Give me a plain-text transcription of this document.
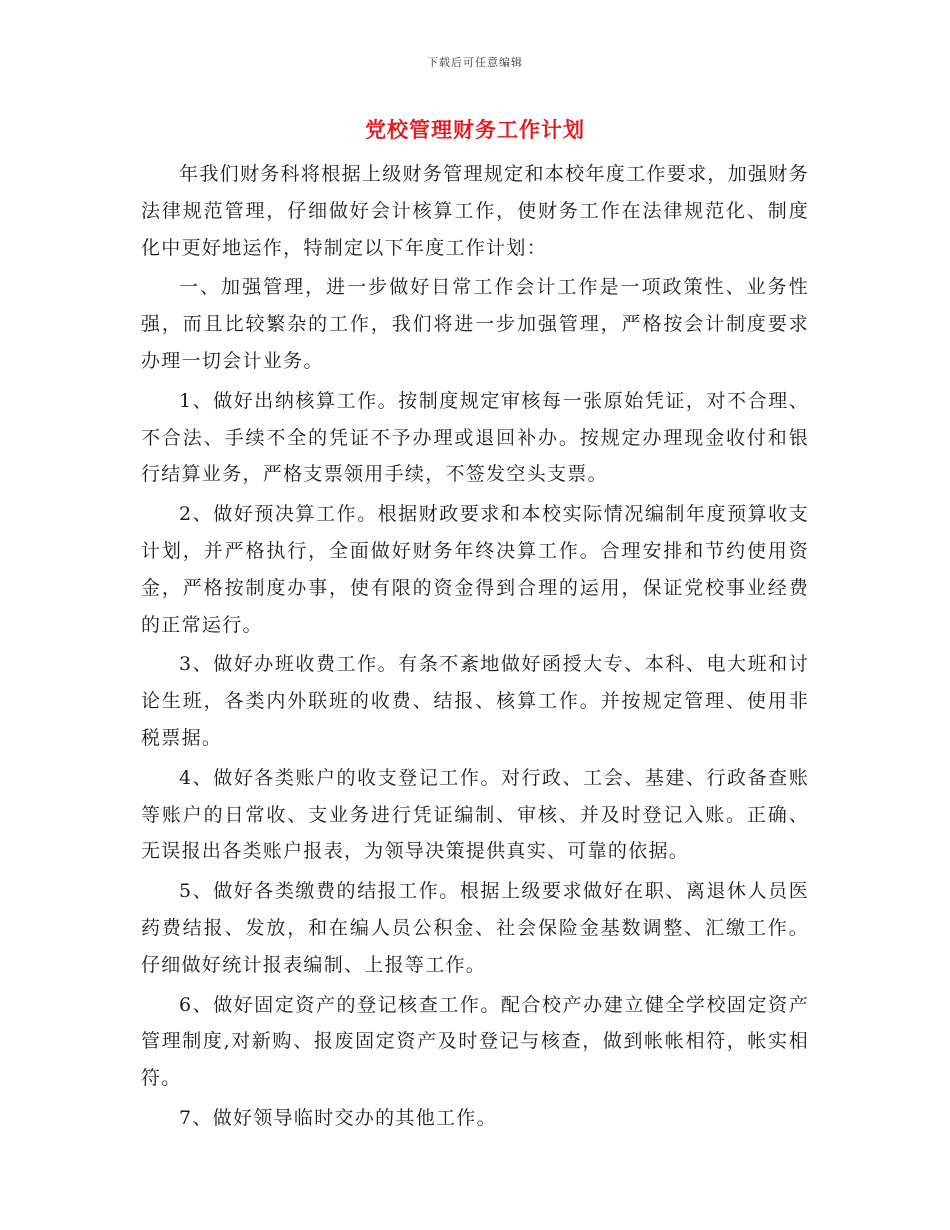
下载后可任意编辑
党校管理财务工作计划

年我们财务科将根据上级财务管理规定和本校年度工作要求，加强财务法律规范管理，仔细做好会计核算工作，使财务工作在法律规范化、制度化中更好地运作，特制定以下年度工作计划：

一、加强管理，进一步做好日常工作会计工作是一项政策性、业务性强，而且比较繁杂的工作，我们将进一步加强管理，严格按会计制度要求办理一切会计业务。

1、做好出纳核算工作。按制度规定审核每一张原始凭证，对不合理、不合法、手续不全的凭证不予办理或退回补办。按规定办理现金收付和银行结算业务，严格支票领用手续，不签发空头支票。

2、做好预决算工作。根据财政要求和本校实际情况编制年度预算收支计划，并严格执行，全面做好财务年终决算工作。合理安排和节约使用资金，严格按制度办事，使有限的资金得到合理的运用，保证党校事业经费的正常运行。

3、做好办班收费工作。有条不紊地做好函授大专、本科、电大班和讨论生班，各类内外联班的收费、结报、核算工作。并按规定管理、使用非税票据。

4、做好各类账户的收支登记工作。对行政、工会、基建、行政备查账等账户的日常收、支业务进行凭证编制、审核、并及时登记入账。正确、无误报出各类账户报表，为领导决策提供真实、可靠的依据。

5、做好各类缴费的结报工作。根据上级要求做好在职、离退休人员医药费结报、发放，和在编人员公积金、社会保险金基数调整、汇缴工作。仔细做好统计报表编制、上报等工作。

6、做好固定资产的登记核查工作。配合校产办建立健全学校固定资产管理制度,对新购、报废固定资产及时登记与核查，做到帐帐相符，帐实相符。

7、做好领导临时交办的其他工作。
